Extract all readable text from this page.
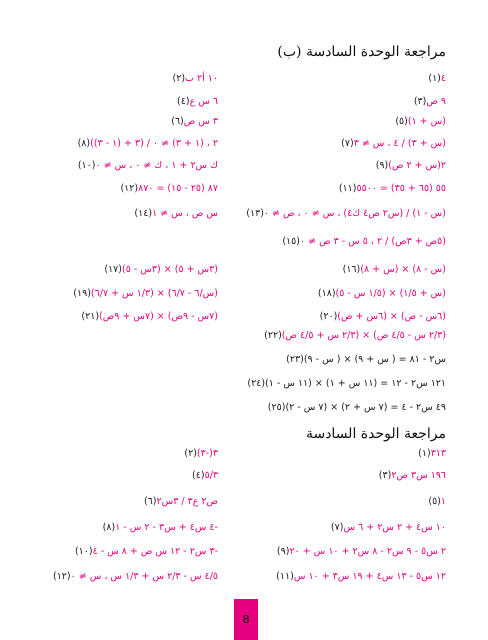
مراجعة الوحدة السادسة (ب)
(١)٤
(٢)١٠ أ٢ ب
(٣)٩ ص
(٤)٦ س ع
(٥)(س + ١)
(٦)٣ س ص
(٧)(س + ٣) / ٤ ، س ≠ ٣
(٨)(٣ + (١ - ٣)) / ٢ ، (١ + ٣) ≠ ٠
(٩)٢(س + ٢ ص)
(١٠)ك س٢ + ١ ، ك ≠ ٠ ، س ≠ ٠
(١١)٥٥ (٦٥ + ٣٥) = ٥٥٠٠
(١٢)٨٧ (٢٥ - ١٥) = ٨٧٠
(١٣)(س - ١) / (س٢ ص٤ ك٤) ، س ≠ ٠ ، ص ≠ ٠
(١٤)س ص ، س ≠ ١
(١٥)(٥ص + ٣ص) / ٢ ، ٥ س - ٣ ص ≠ ٠
(١٦)(س - ٨) × (س + ٨)
(١٧)(٣س + ٥) × (٣س - ٥)
(١٨)(س + ١/٥) × (١/٥ س - ٥)
(١٩)(س/٦ - ٦/٧) × (١/٣ س + ٦/٧)
(٢٠)(٦س - ص) × (٦س + ص)
(٢١)(٧س - ٩ص) × (٧س + ٩ص)
(٢٢)(٢/٣ س - ٤/٥ ص) × (٢/٣ س + ٤/٥ ص)
(٢٣)س٢ - ٨١ = ( س + ٩) × ( س - ٩)
(٢٤)١٢١ س٢ - ١٢ = (١١ س + ١) × (١١ س - ١)
(٢٥)٤٩ س٢ - ٤ = (٧ س + ٢) × (٧ س - ٢)
مراجعة الوحدة السادسة
(١)٣١٣
(٢)(٣-)٣
(٣)١٩٦ س٣ ص٢
(٤)٥/٣
(٥)١
(٦)ص٢ ع٣ / ٣س٢
(٧)١٠ س٤ + ٢ س٢ + ٦ س
(٨)-٤ س٤ + س٣ - ٢ س - ١
(٩)٢ س٥ - ٩ س٢ - ٨ س٢ + ١٠ س + ٢٠
(١٠)-٣ س٢ - ١٢ س ص + ٨ س - ٤
(١١)١٢ س٥ - ١٣ س٤ + ١٩ س٣ + ١٠ س
(١٢)٤/٥ س - ٢/٣ س + ١/٣ س ، س ≠ ٠
8
